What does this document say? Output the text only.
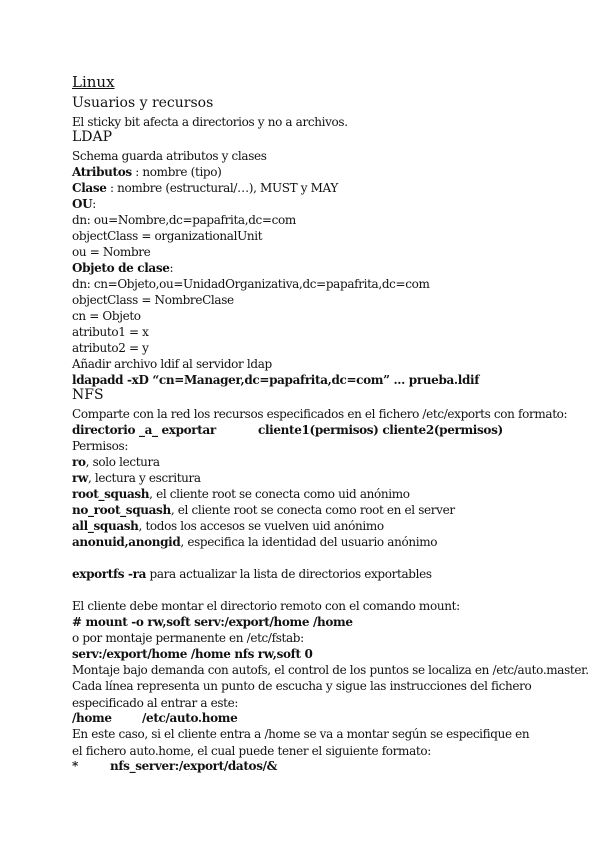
Linux
Usuarios y recursos
El sticky bit afecta a directorios y no a archivos.
LDAP
Schema guarda atributos y clases
Atributos : nombre (tipo)
Clase : nombre (estructural/…), MUST y MAY
OU:
dn: ou=Nombre,dc=papafrita,dc=com
objectClass = organizationalUnit
ou = Nombre
Objeto de clase:
dn: cn=Objeto,ou=UnidadOrganizativa,dc=papafrita,dc=com
objectClass = NombreClase
cn = Objeto
atributo1 = x
atributo2 = y
Añadir archivo ldif al servidor ldap
ldapadd -xD “cn=Manager,dc=papafrita,dc=com” ... prueba.ldif
NFS
Comparte con la red los recursos especificados en el fichero /etc/exports con formato:
directorio _a_ exportar	cliente1(permisos) cliente2(permisos)
Permisos:
ro, solo lectura
rw, lectura y escritura
root_squash, el cliente root se conecta como uid anónimo
no_root_squash, el cliente root se conecta como root en el server
all_squash, todos los accesos se vuelven uid anónimo
anonuid,anongid, especifica la identidad del usuario anónimo
exportfs -ra para actualizar la lista de directorios exportables
El cliente debe montar el directorio remoto con el comando mount:
# mount -o rw,soft serv:/export/home /home
o por montaje permanente en /etc/fstab:
serv:/export/home /home nfs rw,soft 0
Montaje bajo demanda con autofs, el control de los puntos se localiza en /etc/auto.master.
Cada línea representa un punto de escucha y sigue las instrucciones del fichero especificado al entrar a este:
/home	/etc/auto.home
En este caso, si el cliente entra a /home se va a montar según se especifique en el fichero auto.home, el cual puede tener el siguiente formato:
*	nfs_server:/export/datos/&
